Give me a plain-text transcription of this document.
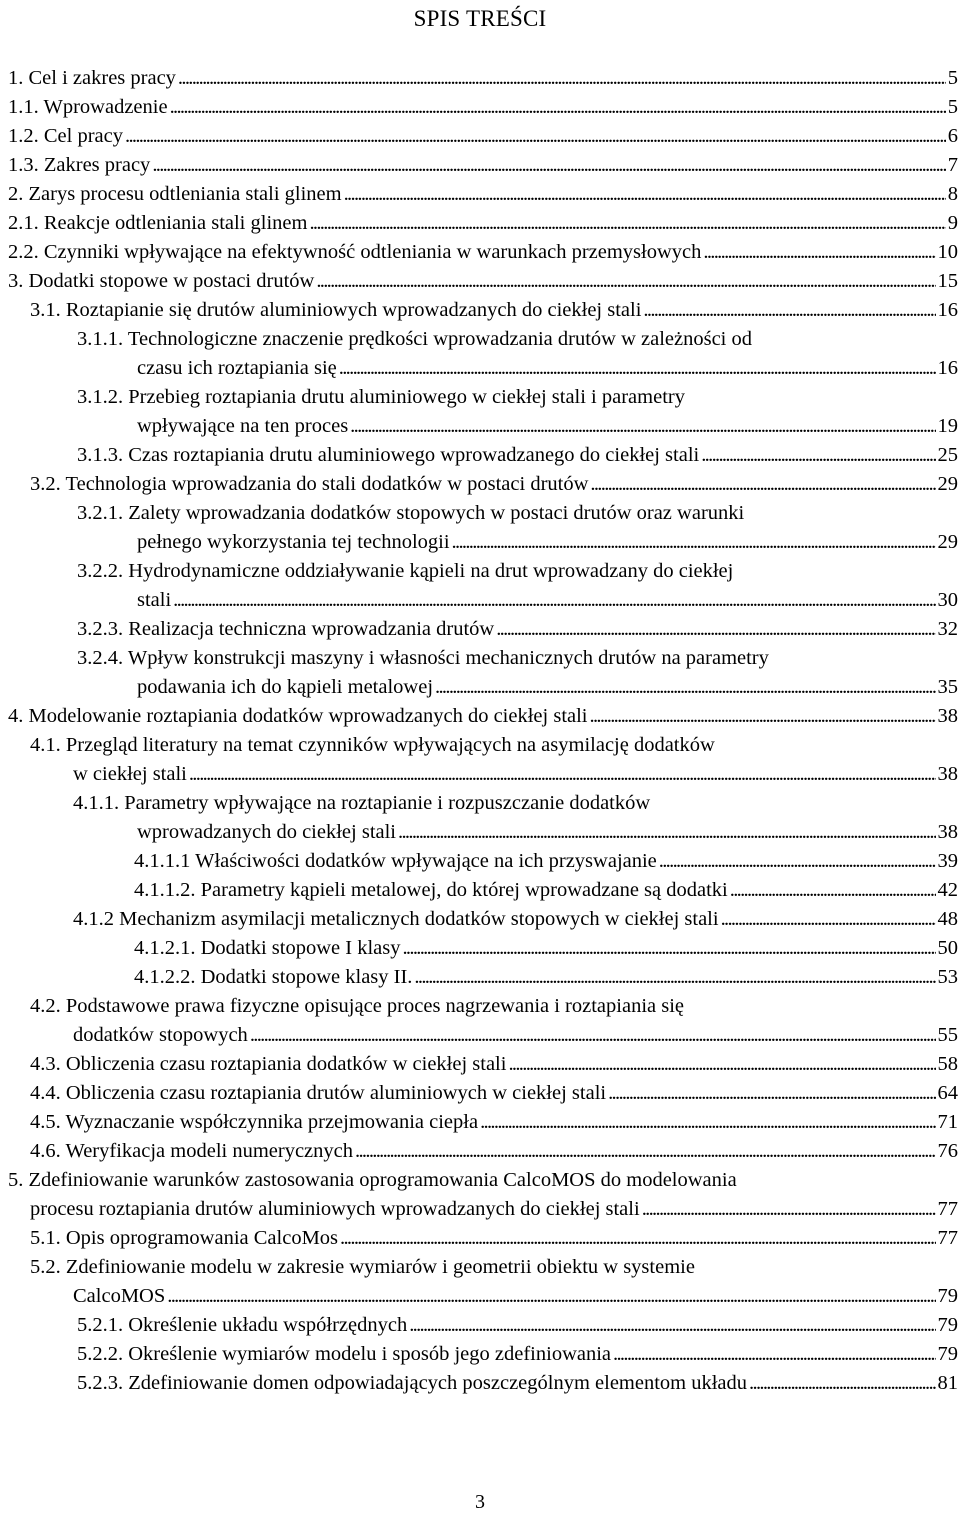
SPIS TREŚCI
1. Cel i zakres pracy . . .	5
1.1. Wprowadzenie . . .	5
1.2. Cel pracy . . .	6
1.3. Zakres pracy . . .	7
2. Zarys procesu odtleniania stali glinem . . .	8
2.1. Reakcje odtleniania stali glinem . . .	9
2.2. Czynniki wpływające na efektywność odtleniania w warunkach przemysłowych . . .	10
3. Dodatki stopowe w postaci drutów . . .	15
3.1. Roztapianie się drutów aluminiowych wprowadzanych do ciekłej stali . . .	16
3.1.1. Technologiczne znaczenie prędkości wprowadzania drutów w zależności od
czasu ich roztapiania się . . .	16
3.1.2. Przebieg roztapiania drutu aluminiowego w ciekłej stali i parametry
wpływające na ten proces . . .	19
3.1.3. Czas roztapiania drutu aluminiowego wprowadzanego do ciekłej stali . . .	25
3.2. Technologia wprowadzania do stali dodatków w postaci drutów . . .	29
3.2.1. Zalety wprowadzania dodatków stopowych w postaci drutów oraz warunki
pełnego wykorzystania tej technologii . . .	29
3.2.2. Hydrodynamiczne oddziaływanie kąpieli na drut wprowadzany do ciekłej
stali . . .	30
3.2.3. Realizacja techniczna wprowadzania drutów . . .	32
3.2.4. Wpływ konstrukcji maszyny i własności mechanicznych drutów na parametry
podawania ich do kąpieli metalowej . . .	35
4. Modelowanie roztapiania dodatków wprowadzanych do ciekłej stali . . .	38
4.1. Przegląd literatury na temat czynników wpływających na asymilację dodatków
w ciekłej stali . . .	38
4.1.1. Parametry wpływające na roztapianie i rozpuszczanie dodatków
wprowadzanych do ciekłej stali . . .	38
4.1.1.1 Właściwości dodatków wpływające na ich przyswajanie . . .	39
4.1.1.2. Parametry kąpieli metalowej, do której wprowadzane są dodatki . . .	42
4.1.2 Mechanizm asymilacji metalicznych dodatków stopowych w ciekłej stali . . .	48
4.1.2.1. Dodatki stopowe I klasy . . .	50
4.1.2.2. Dodatki stopowe klasy II. . . .	53
4.2. Podstawowe prawa fizyczne opisujące proces nagrzewania i roztapiania się
dodatków stopowych . . .	55
4.3. Obliczenia czasu roztapiania dodatków w ciekłej stali . . .	58
4.4. Obliczenia czasu roztapiania drutów aluminiowych w ciekłej stali . . .	64
4.5. Wyznaczanie współczynnika przejmowania ciepła . . .	71
4.6. Weryfikacja modeli numerycznych . . .	76
5. Zdefiniowanie warunków zastosowania oprogramowania CalcoMOS do modelowania
procesu roztapiania drutów aluminiowych wprowadzanych do ciekłej stali . . .	77
5.1. Opis oprogramowania CalcoMos . . .	77
5.2. Zdefiniowanie modelu w zakresie wymiarów i geometrii obiektu w systemie
CalcoMOS . . .	79
5.2.1. Określenie układu współrzędnych . . .	79
5.2.2. Określenie wymiarów modelu i sposób jego zdefiniowania . . .	79
5.2.3. Zdefiniowanie domen odpowiadających poszczególnym elementom układu . . .	81
3
